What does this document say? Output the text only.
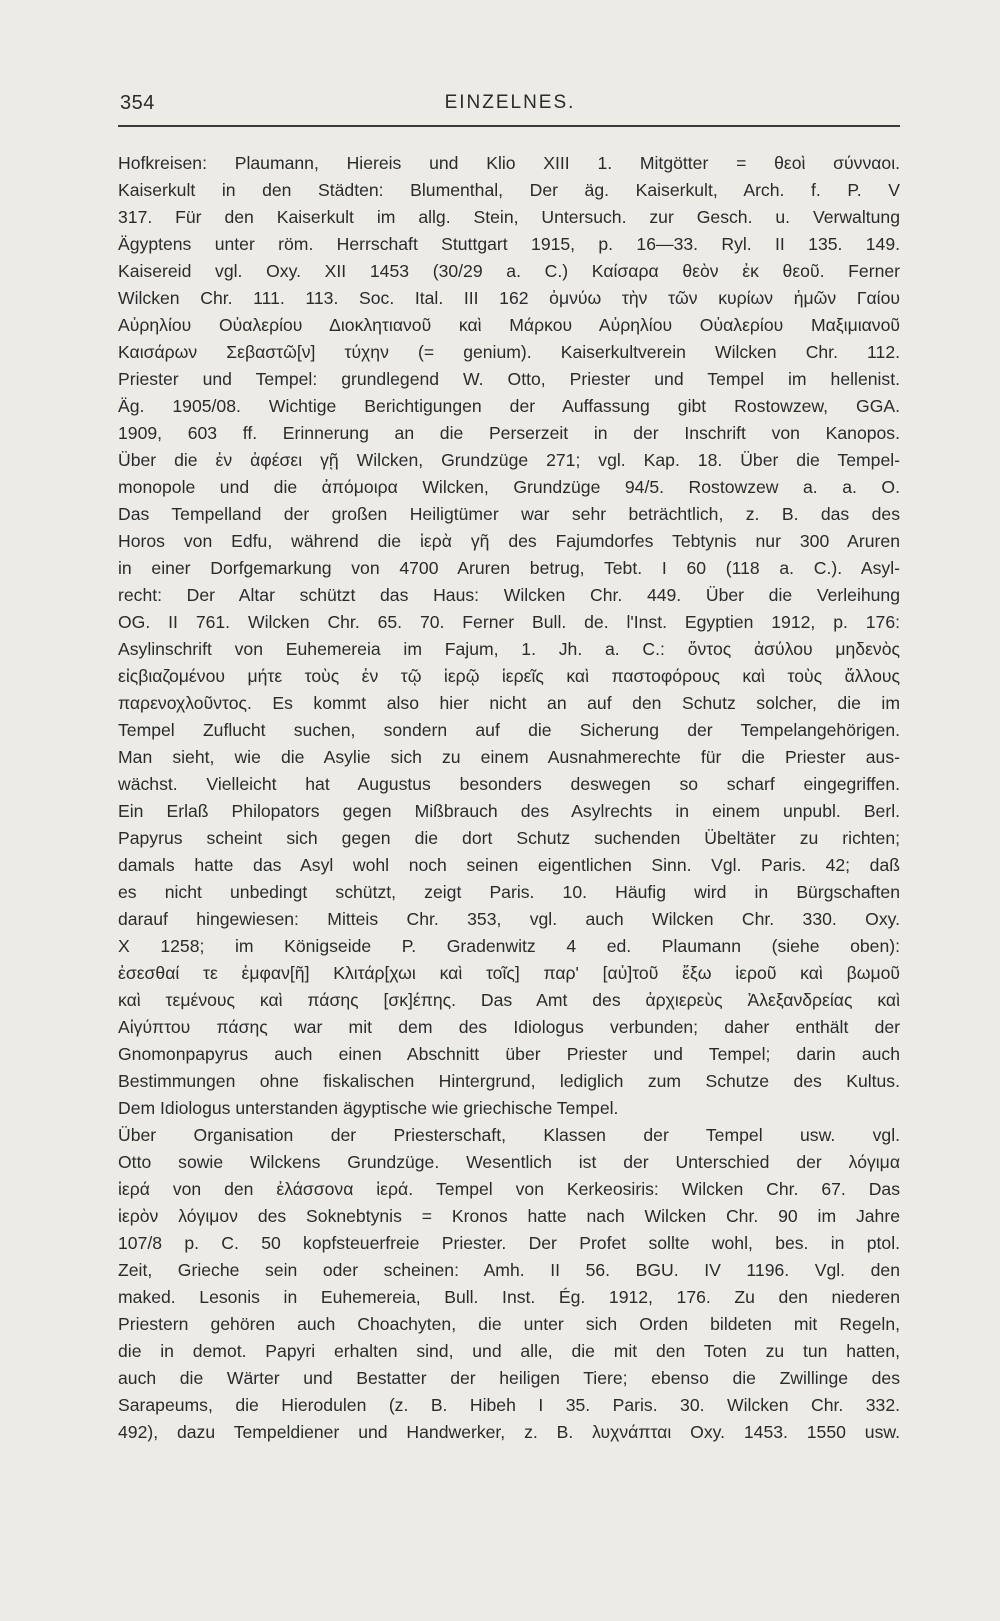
354	EINZELNES.
Hofkreisen: Plaumann, Hiereis und Klio XIII 1. Mitgötter = θεοὶ σύνναοι.
Kaiserkult in den Städten: Blumenthal, Der äg. Kaiserkult, Arch. f. P. V
317. Für den Kaiserkult im allg. Stein, Untersuch. zur Gesch. u. Verwaltung
Ägyptens unter röm. Herrschaft Stuttgart 1915, p. 16—33. Ryl. II 135. 149.
Kaisereid vgl. Oxy. XII 1453 (30/29 a. C.) Καίσαρα θεὸν ἐκ θεοῦ. Ferner
Wilcken Chr. 111. 113. Soc. Ital. III 162 ὀμνύω τὴν τῶν κυρίων ἡμῶν Γαίου
Αὐρηλίου Οὐαλερίου Διοκλητιανοῦ καὶ Μάρκου Αὐρηλίου Οὐαλερίου Μαξιμιανοῦ
Καισάρων Σεβαστῶ[ν] τύχην (= genium). Kaiserkultverein Wilcken Chr. 112.
Priester und Tempel: grundlegend W. Otto, Priester und Tempel im hellenist.
Äg. 1905/08. Wichtige Berichtigungen der Auffassung gibt Rostowzew, GGA.
1909, 603 ff. Erinnerung an die Perserzeit in der Inschrift von Kanopos.
Über die ἐν ἀφέσει γῇ Wilcken, Grundzüge 271; vgl. Kap. 18. Über die Tempel-
monopole und die ἀπόμοιρα Wilcken, Grundzüge 94/5. Rostowzew a. a. O.
Das Tempelland der großen Heiligtümer war sehr beträchtlich, z. B. das des
Horos von Edfu, während die ἱερὰ γῆ des Fajumdorfes Tebtynis nur 300 Aruren
in einer Dorfgemarkung von 4700 Aruren betrug, Tebt. I 60 (118 a. C.). Asyl-
recht: Der Altar schützt das Haus: Wilcken Chr. 449. Über die Verleihung
OG. II 761. Wilcken Chr. 65. 70. Ferner Bull. de. l'Inst. Egyptien 1912, p. 176:
Asylinschrift von Euhemereia im Fajum, 1. Jh. a. C.: ὄντος ἀσύλου μηδενὸς
εἰςβιαζομένου μήτε τοὺς ἐν τῷ ἱερῷ ἱερεῖς καὶ παστοφόρους καὶ τοὺς ἄλλους
παρενοχλοῦντος. Es kommt also hier nicht an auf den Schutz solcher, die im
Tempel Zuflucht suchen, sondern auf die Sicherung der Tempelangehörigen.
Man sieht, wie die Asylie sich zu einem Ausnahmerechte für die Priester aus-
wächst. Vielleicht hat Augustus besonders deswegen so scharf eingegriffen.
Ein Erlaß Philopators gegen Mißbrauch des Asylrechts in einem unpubl. Berl.
Papyrus scheint sich gegen die dort Schutz suchenden Übeltäter zu richten;
damals hatte das Asyl wohl noch seinen eigentlichen Sinn. Vgl. Paris. 42; daß
es nicht unbedingt schützt, zeigt Paris. 10. Häufig wird in Bürgschaften
darauf hingewiesen: Mitteis Chr. 353, vgl. auch Wilcken Chr. 330. Oxy.
X 1258; im Königseide P. Gradenwitz 4 ed. Plaumann (siehe oben):
ἐσεσθαί τε ἐμφαν[ῆ] Κλιτάρ[χωι καὶ τοῖς] παρ' [αὐ]τοῦ ἔξω ἱεροῦ καὶ βωμοῦ
καὶ τεμένους καὶ πάσης [σκ]έπης. Das Amt des ἀρχιερεὺς Ἀλεξανδρείας καὶ
Αἰγύπτου πάσης war mit dem des Idiologus verbunden; daher enthält der
Gnomonpapyrus auch einen Abschnitt über Priester und Tempel; darin auch
Bestimmungen ohne fiskalischen Hintergrund, lediglich zum Schutze des Kultus.
Dem Idiologus unterstanden ägyptische wie griechische Tempel.
Über Organisation der Priesterschaft, Klassen der Tempel usw. vgl.
Otto sowie Wilckens Grundzüge. Wesentlich ist der Unterschied der λόγιμα
ἱερά von den ἐλάσσονα ἱερά. Tempel von Kerkeosiris: Wilcken Chr. 67. Das
ἱερὸν λόγιμον des Soknebtynis = Kronos hatte nach Wilcken Chr. 90 im Jahre
107/8 p. C. 50 kopfsteuerfreie Priester. Der Profet sollte wohl, bes. in ptol.
Zeit, Grieche sein oder scheinen: Amh. II 56. BGU. IV 1196. Vgl. den
maked. Lesonis in Euhemereia, Bull. Inst. Ég. 1912, 176. Zu den niederen
Priestern gehören auch Choachyten, die unter sich Orden bildeten mit Regeln,
die in demot. Papyri erhalten sind, und alle, die mit den Toten zu tun hatten,
auch die Wärter und Bestatter der heiligen Tiere; ebenso die Zwillinge des
Sarapeums, die Hierodulen (z. B. Hibeh I 35. Paris. 30. Wilcken Chr. 332.
492), dazu Tempeldiener und Handwerker, z. B. λυχνάπται Oxy. 1453. 1550 usw.
